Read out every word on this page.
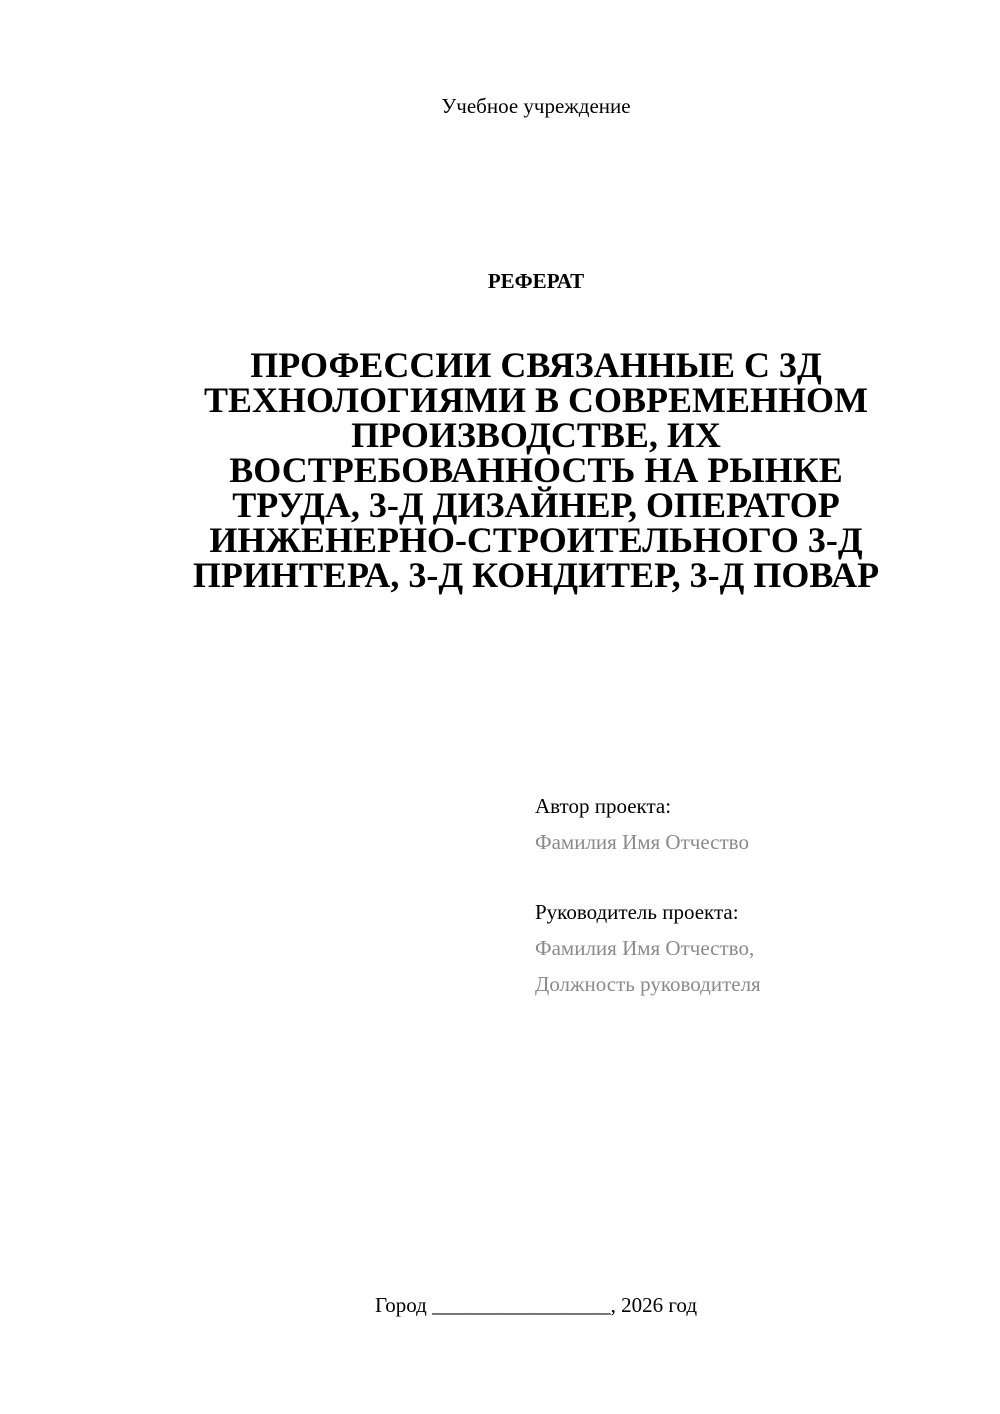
Учебное учреждение
РЕФЕРАТ
ПРОФЕССИИ СВЯЗАННЫЕ С 3Д
ТЕХНОЛОГИЯМИ В СОВРЕМЕННОМ
ПРОИЗВОДСТВЕ, ИХ
ВОСТРЕБОВАННОСТЬ НА РЫНКЕ
ТРУДА, 3-Д ДИЗАЙНЕР, ОПЕРАТОР
ИНЖЕНЕРНО-СТРОИТЕЛЬНОГО 3-Д
ПРИНТЕРА, 3-Д КОНДИТЕР, 3-Д ПОВАР
Автор проекта:
Фамилия Имя Отчество
Руководитель проекта:
Фамилия Имя Отчество,
Должность руководителя
Город _________________, 2026 год
